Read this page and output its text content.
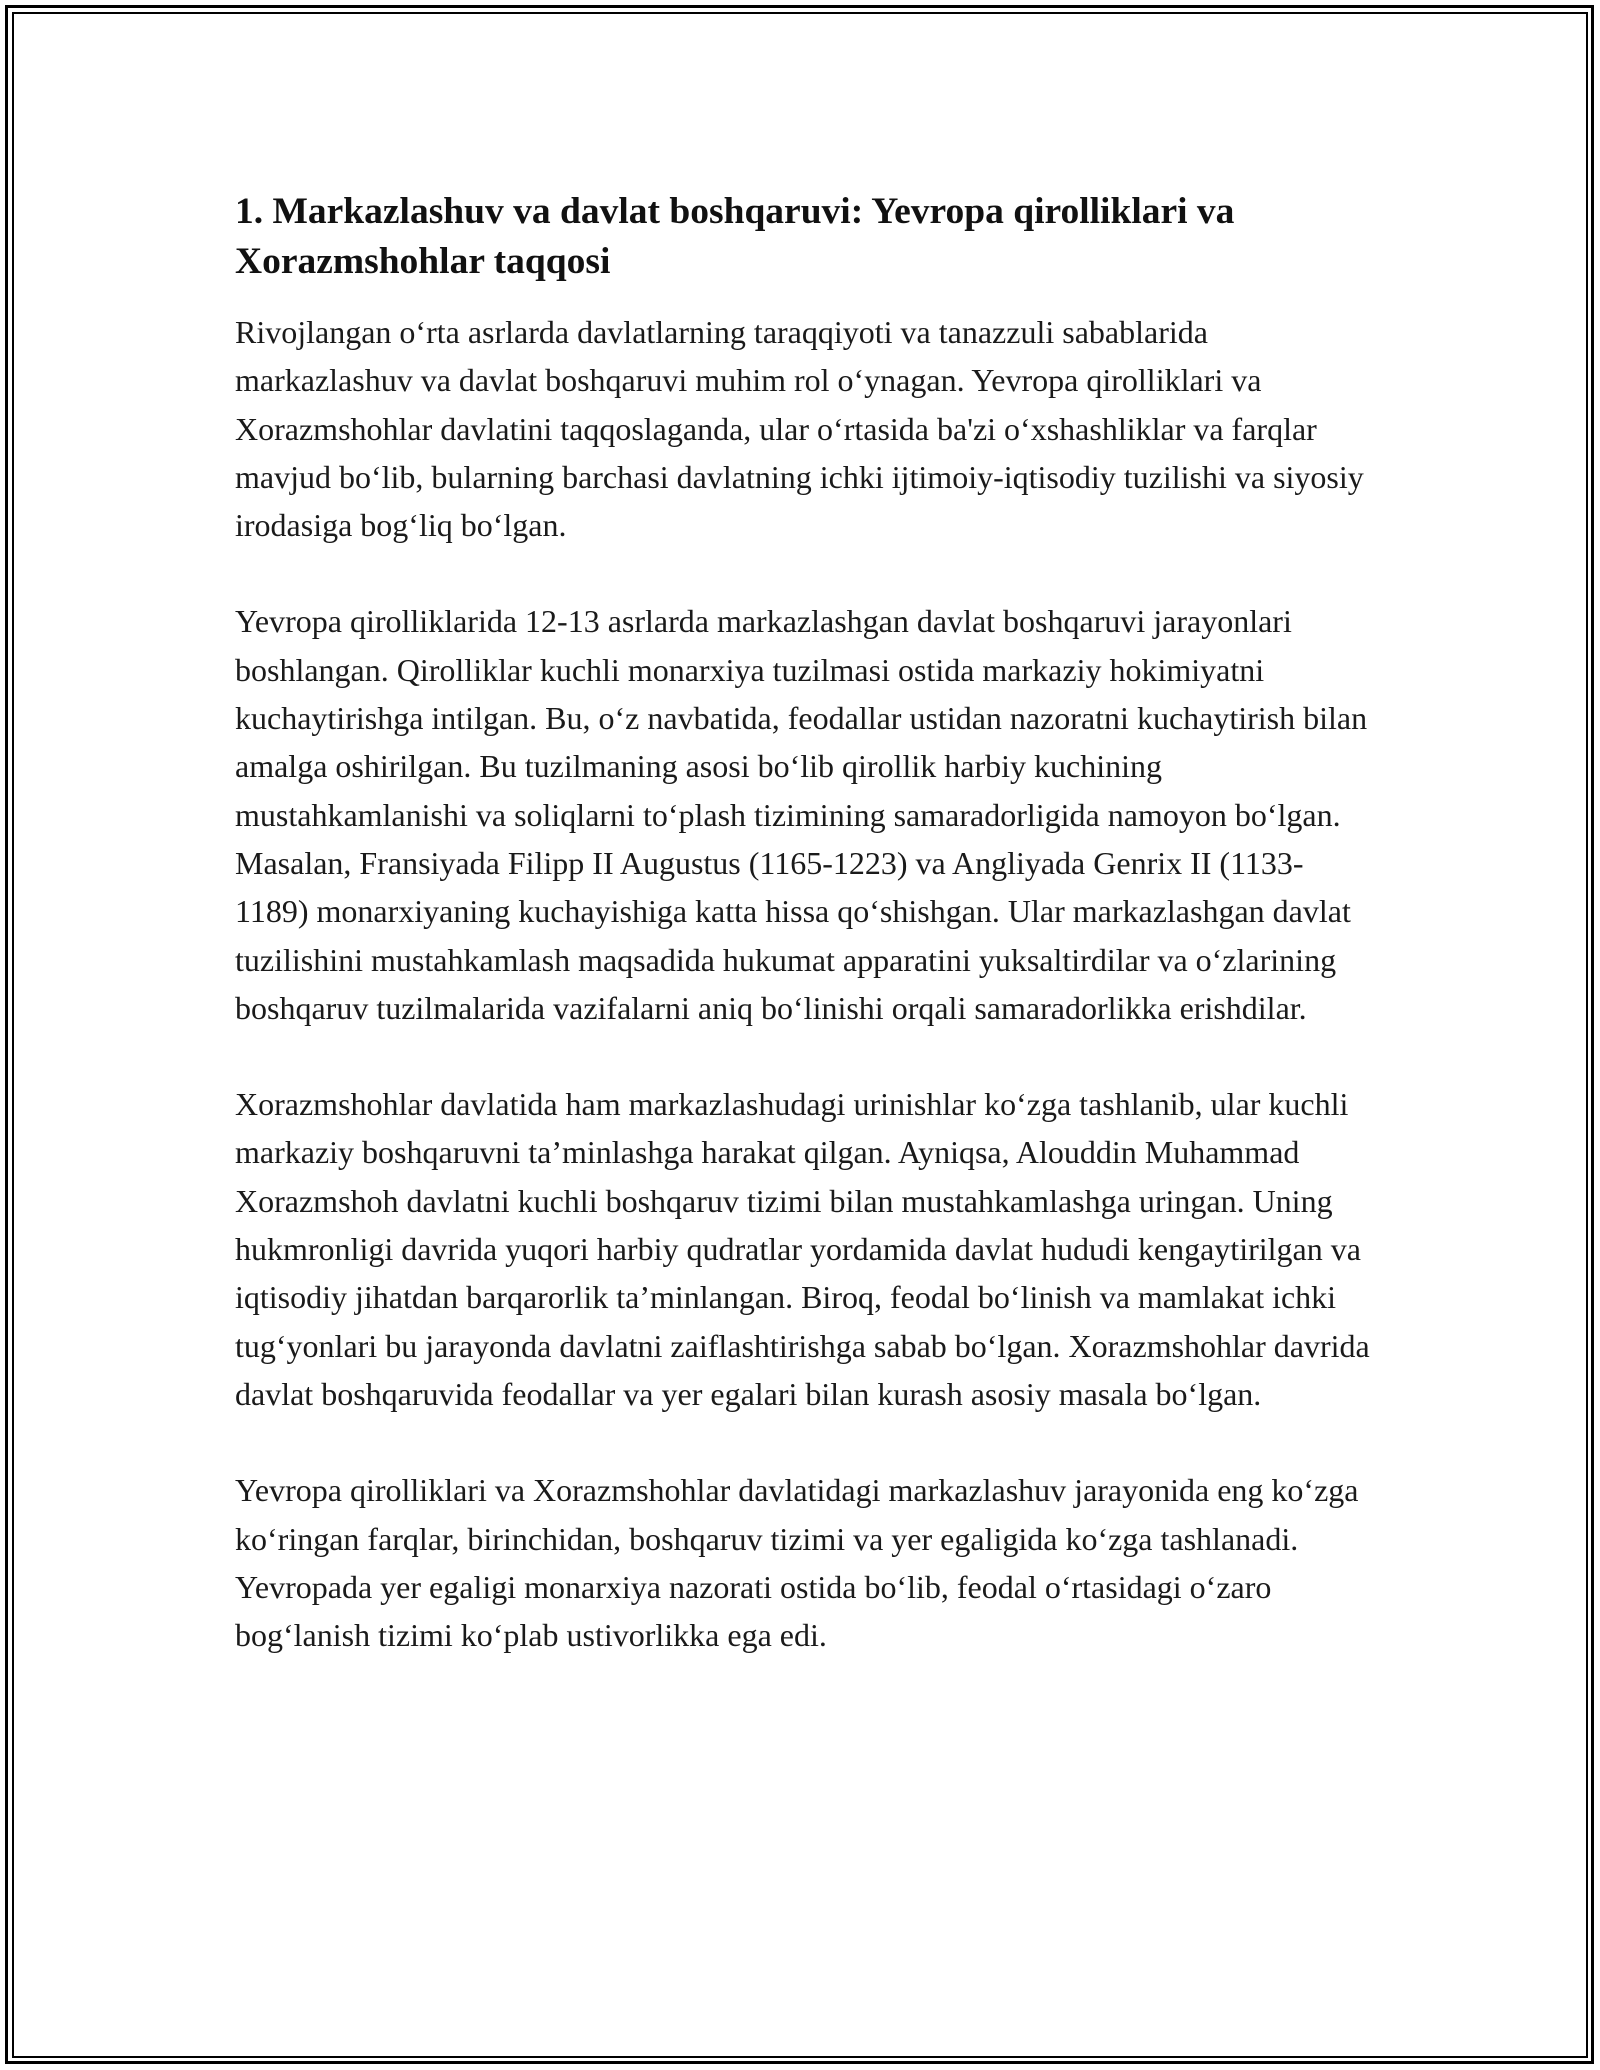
1. Markazlashuv va davlat boshqaruvi: Yevropa qirolliklari va Xorazmshohlar taqqosi

Rivojlangan o‘rta asrlarda davlatlarning taraqqiyoti va tanazzuli sabablarida markazlashuv va davlat boshqaruvi muhim rol o‘ynagan. Yevropa qirolliklari va Xorazmshohlar davlatini taqqoslaganda, ular o‘rtasida ba'zi o‘xshashliklar va farqlar mavjud bo‘lib, bularning barchasi davlatning ichki ijtimoiy-iqtisodiy tuzilishi va siyosiy irodasiga bog‘liq bo‘lgan.

Yevropa qirolliklarida 12-13 asrlarda markazlashgan davlat boshqaruvi jarayonlari boshlangan. Qirolliklar kuchli monarxiya tuzilmasi ostida markaziy hokimiyatni kuchaytirishga intilgan. Bu, o‘z navbatida, feodallar ustidan nazoratni kuchaytirish bilan amalga oshirilgan. Bu tuzilmaning asosi bo‘lib qirollik harbiy kuchining mustahkamlanishi va soliqlarni to‘plash tizimining samaradorligida namoyon bo‘lgan. Masalan, Fransiyada Filipp II Augustus (1165-1223) va Angliyada Genrix II (1133-1189) monarxiyaning kuchayishiga katta hissa qo‘shishgan. Ular markazlashgan davlat tuzilishini mustahkamlash maqsadida hukumat apparatini yuksaltirdilar va o‘zlarining boshqaruv tuzilmalarida vazifalarni aniq bo‘linishi orqali samaradorlikka erishdilar.

Xorazmshohlar davlatida ham markazlashudagi urinishlar ko‘zga tashlanib, ular kuchli markaziy boshqaruvni ta’minlashga harakat qilgan. Ayniqsa, Alouddin Muhammad Xorazmshoh davlatni kuchli boshqaruv tizimi bilan mustahkamlashga uringan. Uning hukmronligi davrida yuqori harbiy qudratlar yordamida davlat hududi kengaytirilgan va iqtisodiy jihatdan barqarorlik ta’minlangan. Biroq, feodal bo‘linish va mamlakat ichki tug‘yonlari bu jarayonda davlatni zaiflashtirishga sabab bo‘lgan. Xorazmshohlar davrida davlat boshqaruvida feodallar va yer egalari bilan kurash asosiy masala bo‘lgan.

Yevropa qirolliklari va Xorazmshohlar davlatidagi markazlashuv jarayonida eng ko‘zga ko‘ringan farqlar, birinchidan, boshqaruv tizimi va yer egaligida ko‘zga tashlanadi. Yevropada yer egaligi monarxiya nazorati ostida bo‘lib, feodal o‘rtasidagi o‘zaro bog‘lanish tizimi ko‘plab ustivorlikka ega edi.
